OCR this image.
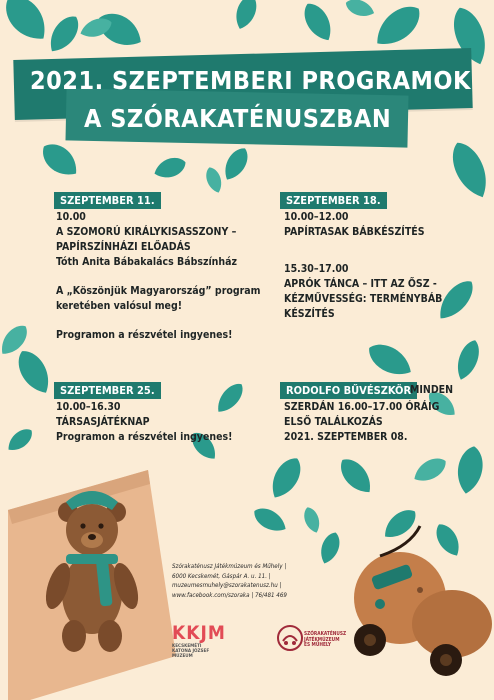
2021. SZEPTEMBERI PROGRAMOK
A SZÓRAKATÉNUSZBAN
SZEPTEMBER 11.
10.00
A SZOMORÚ KIRÁLYKISASSZONY –
PAPÍRSZÍNHÁZI ELŐADÁS
Tóth Anita Bábakalács Bábszínház
A „Köszönjük Magyarország” program
keretében valósul meg!
Programon a részvétel ingyenes!
SZEPTEMBER 18.
10.00–12.00
PAPÍRTASAK BÁBKÉSZÍTÉS
15.30–17.00
APRÓK TÁNCA – ITT AZ ŐSZ -
KÉZMŰVESSÉG: TERMÉNYBÁB
KÉSZÍTÉS
SZEPTEMBER 25.
10.00–16.30
TÁRSASJÁTÉKNAP
Programon a részvétel ingyenes!
RODOLFO BŰVÉSZKÖR
MINDEN
SZERDÁN 16.00–17.00 ÓRÁIG
ELSŐ TALÁLKOZÁS
2021. SZEPTEMBER 08.
Szórakaténusz Játékmúzeum és Műhely |
6000 Kecskemét, Gáspár A. u. 11. |
muzeumesmuhely@szorakatenusz.hu |
www.facebook.com/szoraka | 76/481 469
KKJM
KECSKEMÉTI
KATONA JÓZSEF
MÚZEUM
SZÓRAKATÉNUSZ
JÁTÉKMÚZEUM
ÉS MŰHELY
